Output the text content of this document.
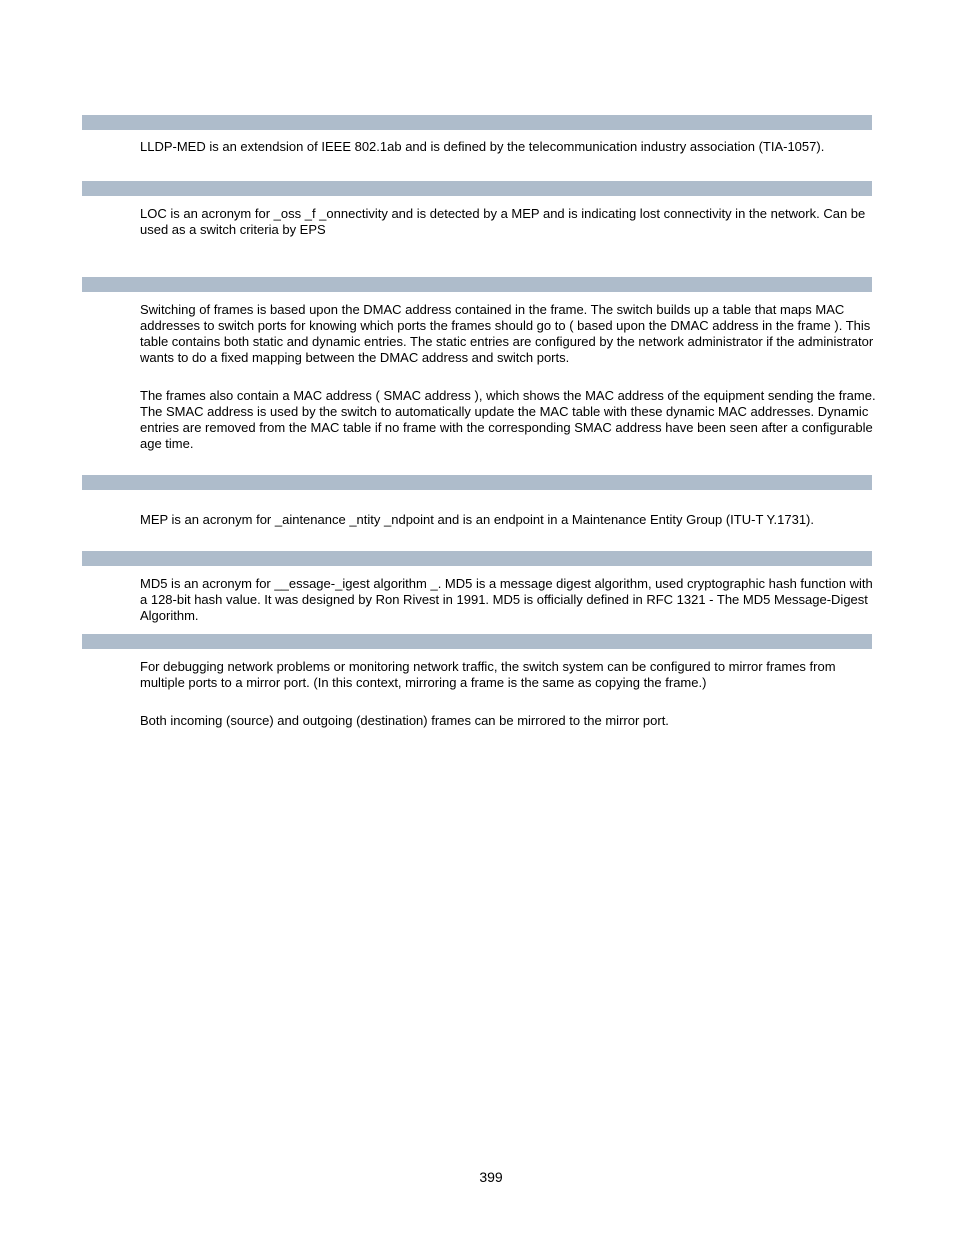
LLDP-MED is an extendsion of IEEE 802.1ab and is defined by the telecommunication industry association (TIA-1057).

LOC is an acronym for _oss _f _onnectivity and is detected by a MEP and is indicating lost connectivity in the network. Can be used as a switch criteria by EPS

Switching of frames is based upon the DMAC address contained in the frame. The switch builds up a table that maps MAC addresses to switch ports for knowing which ports the frames should go to ( based upon the DMAC address in the frame ). This table contains both static and dynamic entries. The static entries are configured by the network administrator if the administrator wants to do a fixed mapping between the DMAC address and switch ports.

The frames also contain a MAC address ( SMAC address ), which shows the MAC address of the equipment sending the frame. The SMAC address is used by the switch to automatically update the MAC table with these dynamic MAC addresses. Dynamic entries are removed from the MAC table if no frame with the corresponding SMAC address have been seen after a configurable age time.

MEP is an acronym for _aintenance _ntity _ndpoint and is an endpoint in a Maintenance Entity Group (ITU-T Y.1731).

MD5 is an acronym for __essage-_igest algorithm _. MD5 is a message digest algorithm, used cryptographic hash function with a 128-bit hash value. It was designed by Ron Rivest in 1991. MD5 is officially defined in RFC 1321 - The MD5 Message-Digest Algorithm.

For debugging network problems or monitoring network traffic, the switch system can be configured to mirror frames from multiple ports to a mirror port. (In this context, mirroring a frame is the same as copying the frame.)

Both incoming (source) and outgoing (destination) frames can be mirrored to the mirror port.

399
